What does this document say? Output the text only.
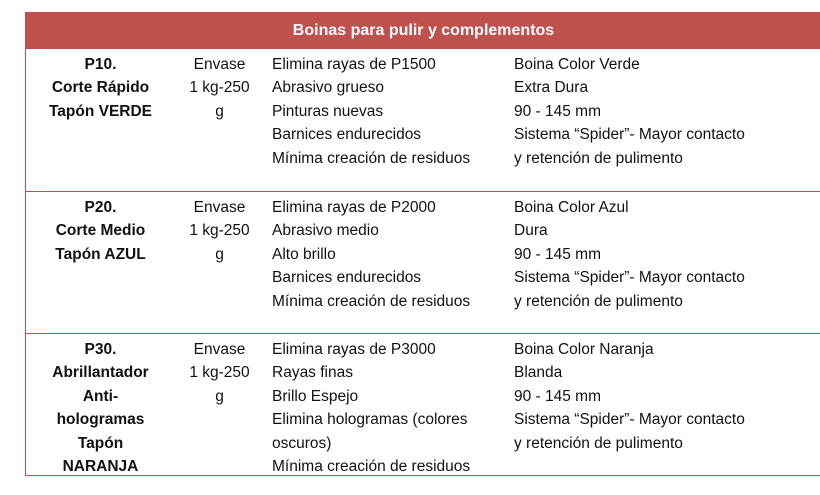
Boinas para pulir y complementos
P10.
Corte Rápido
Tapón VERDE
Envase
1 kg-250
g
Elimina rayas de P1500
Abrasivo grueso
Pinturas nuevas
Barnices endurecidos
Mínima creación de residuos
Boina Color Verde
Extra Dura
90 - 145 mm
Sistema “Spider”- Mayor contacto
y retención de pulimento
P20.
Corte Medio
Tapón AZUL
Envase
1 kg-250
g
Elimina rayas de P2000
Abrasivo medio
Alto brillo
Barnices endurecidos
Mínima creación de residuos
Boina Color Azul
Dura
90 - 145 mm
Sistema “Spider”- Mayor contacto
y retención de pulimento
P30.
Abrillantador
Anti-
hologramas
Tapón
NARANJA
Envase
1 kg-250
g
Elimina rayas de P3000
Rayas finas
Brillo Espejo
Elimina hologramas (colores
oscuros)
Mínima creación de residuos
Boina Color Naranja
Blanda
90 - 145 mm
Sistema “Spider”- Mayor contacto
y retención de pulimento
